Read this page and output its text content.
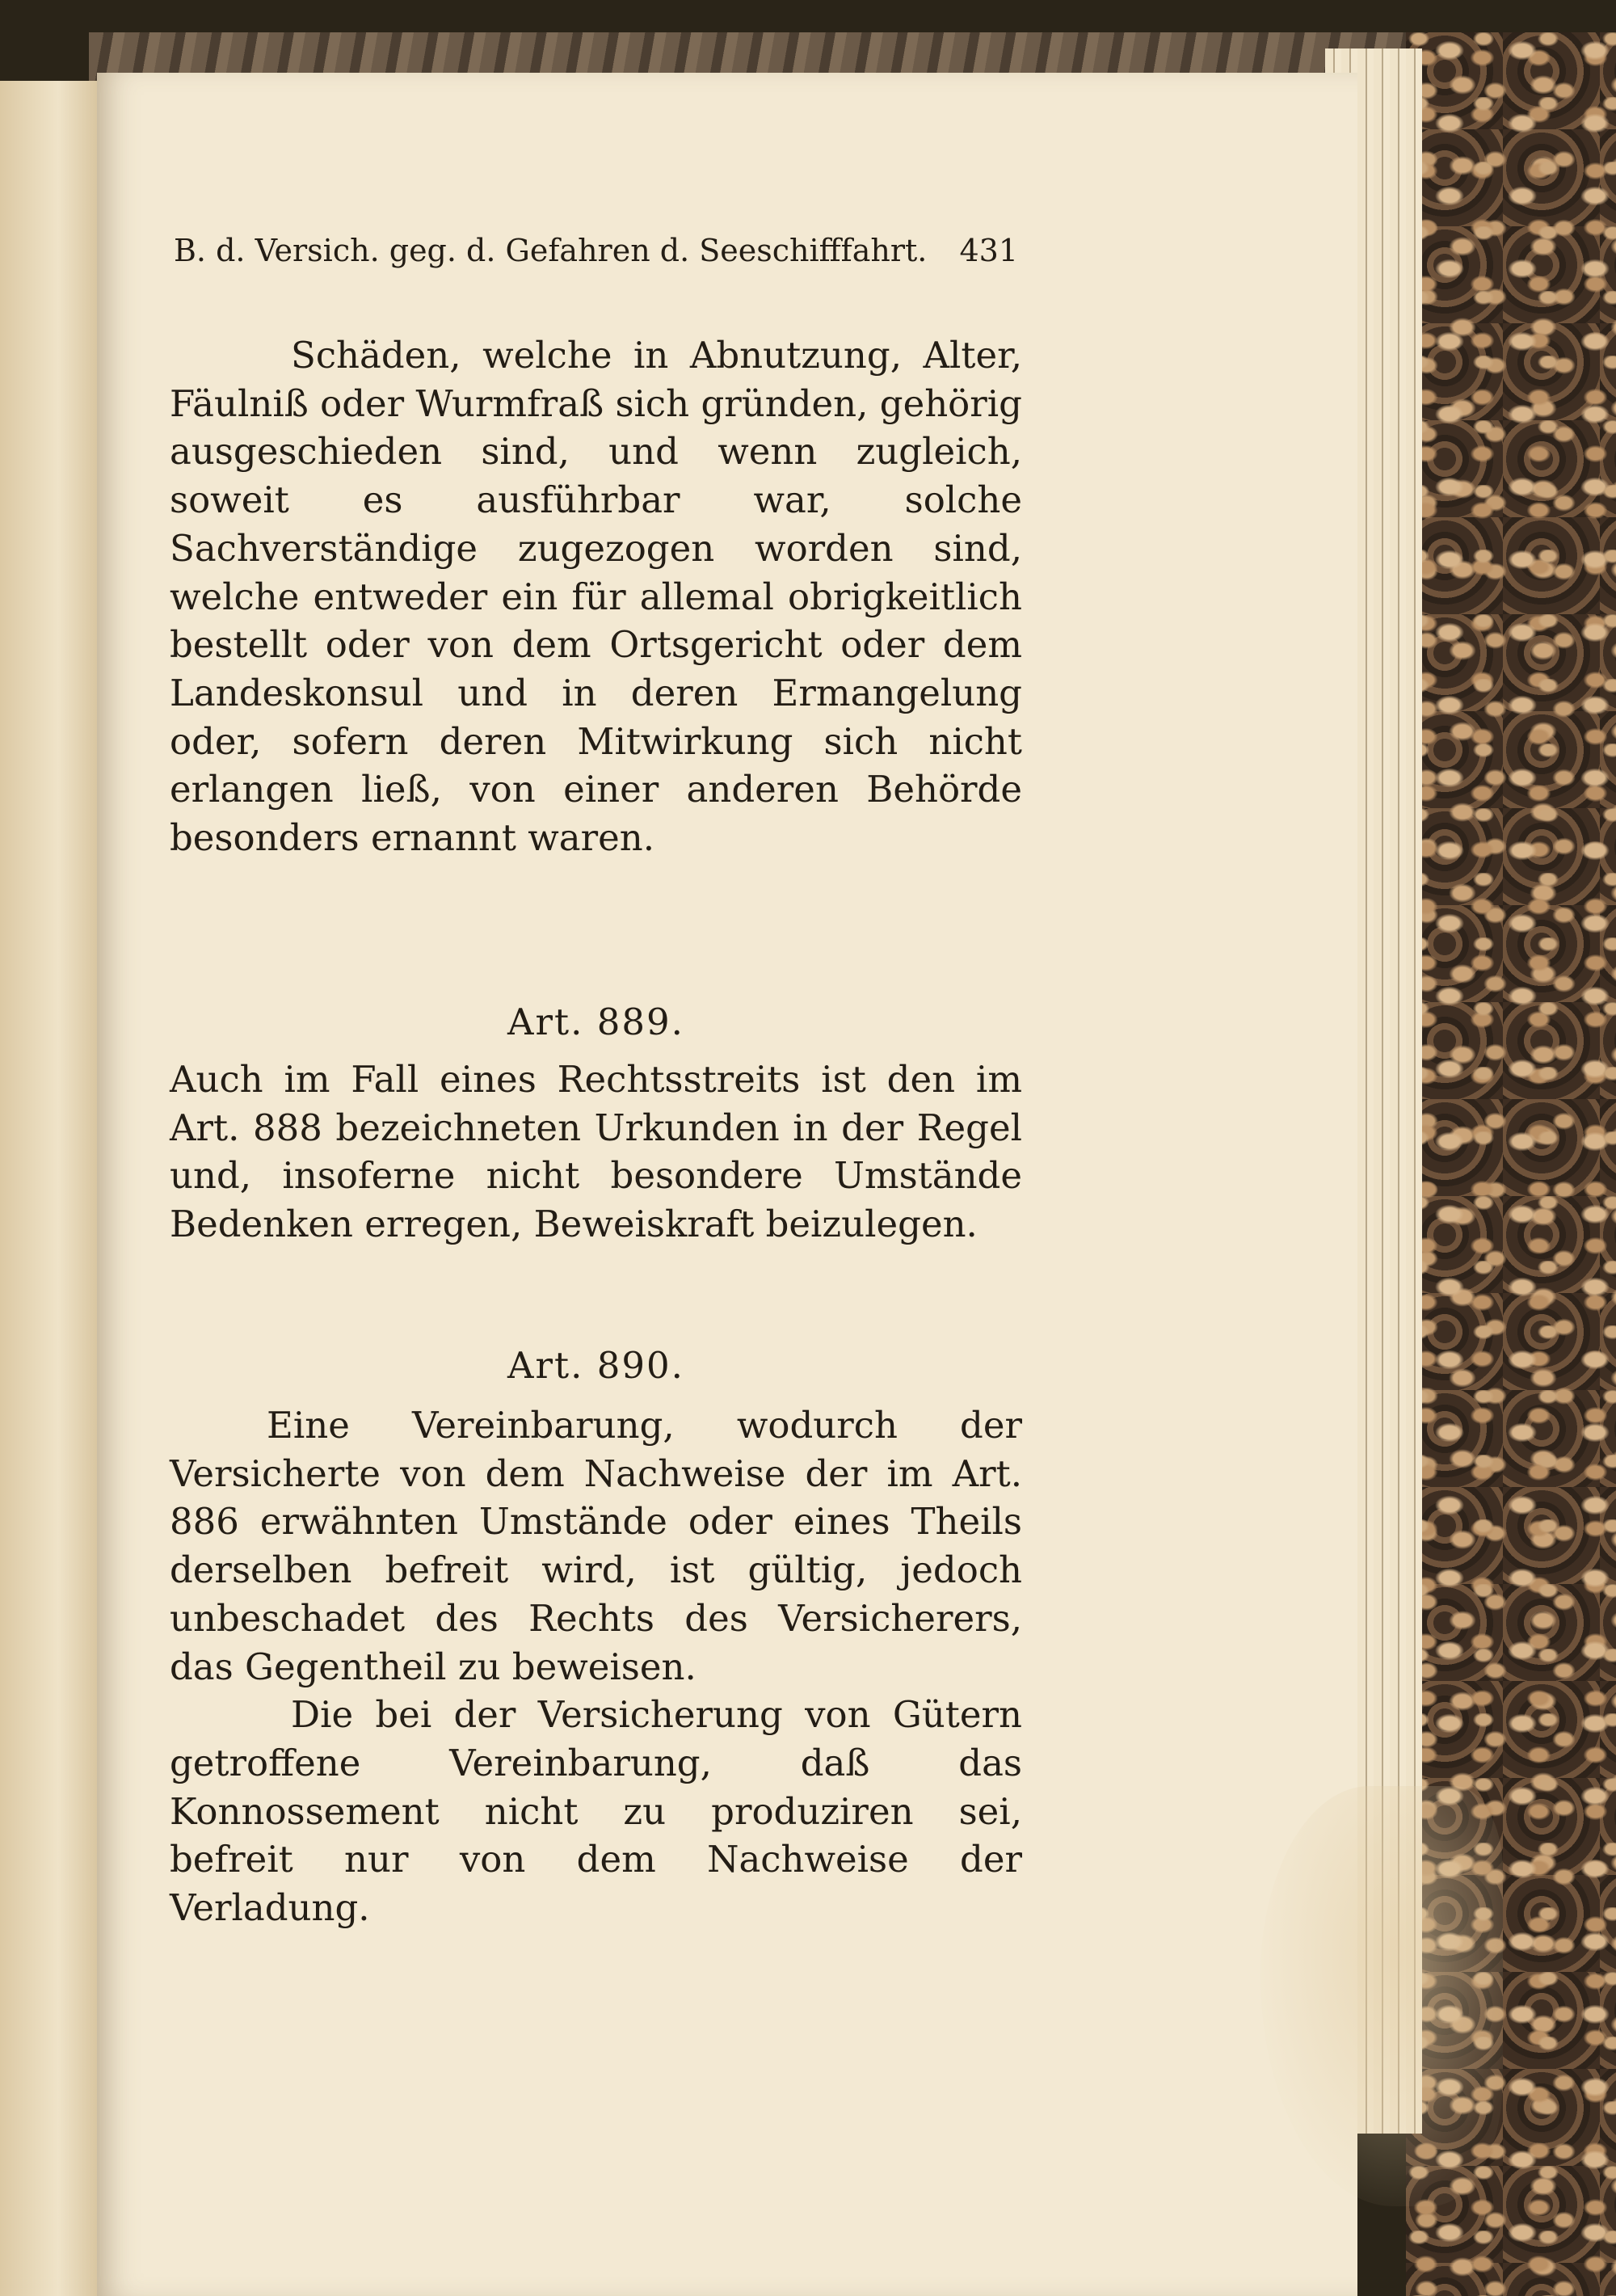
B. d. Versich. geg. d. Gefahren d. Seeschifffahrt. 431

Schäden, welche in Abnutzung, Alter, Fäulniß oder Wurmfraß sich gründen, gehörig ausgeschieden sind, und wenn zugleich, soweit es ausführbar war, solche Sachverständige zugezogen worden sind, welche entweder ein für allemal obrigkeitlich bestellt oder von dem Ortsgericht oder dem Landeskonsul und in deren Ermangelung oder, sofern deren Mitwirkung sich nicht erlangen ließ, von einer anderen Behörde besonders ernannt waren.

Art. 889.

Auch im Fall eines Rechtsstreits ist den im Art. 888 bezeichneten Urkunden in der Regel und, insoferne nicht besondere Umstände Bedenken erregen, Beweiskraft beizulegen.

Art. 890.

Eine Vereinbarung, wodurch der Versicherte von dem Nachweise der im Art. 886 erwähnten Umstände oder eines Theils derselben befreit wird, ist gültig, jedoch unbeschadet des Rechts des Versicherers, das Gegentheil zu beweisen.

Die bei der Versicherung von Gütern getroffene Vereinbarung, daß das Konnossement nicht zu produziren sei, befreit nur von dem Nachweise der Verladung.
